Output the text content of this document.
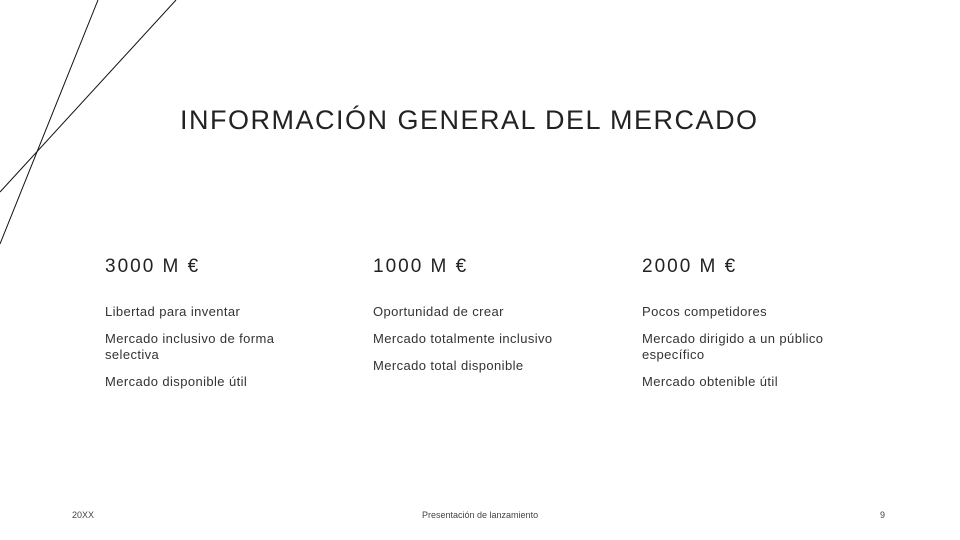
INFORMACIÓN GENERAL DEL MERCADO
3000 M €
Libertad para inventar
Mercado inclusivo de forma selectiva
Mercado disponible útil
1000 M €
Oportunidad de crear
Mercado totalmente inclusivo
Mercado total disponible
2000 M €
Pocos competidores
Mercado dirigido a un público específico
Mercado obtenible útil
20XX	Presentación de lanzamiento	9
